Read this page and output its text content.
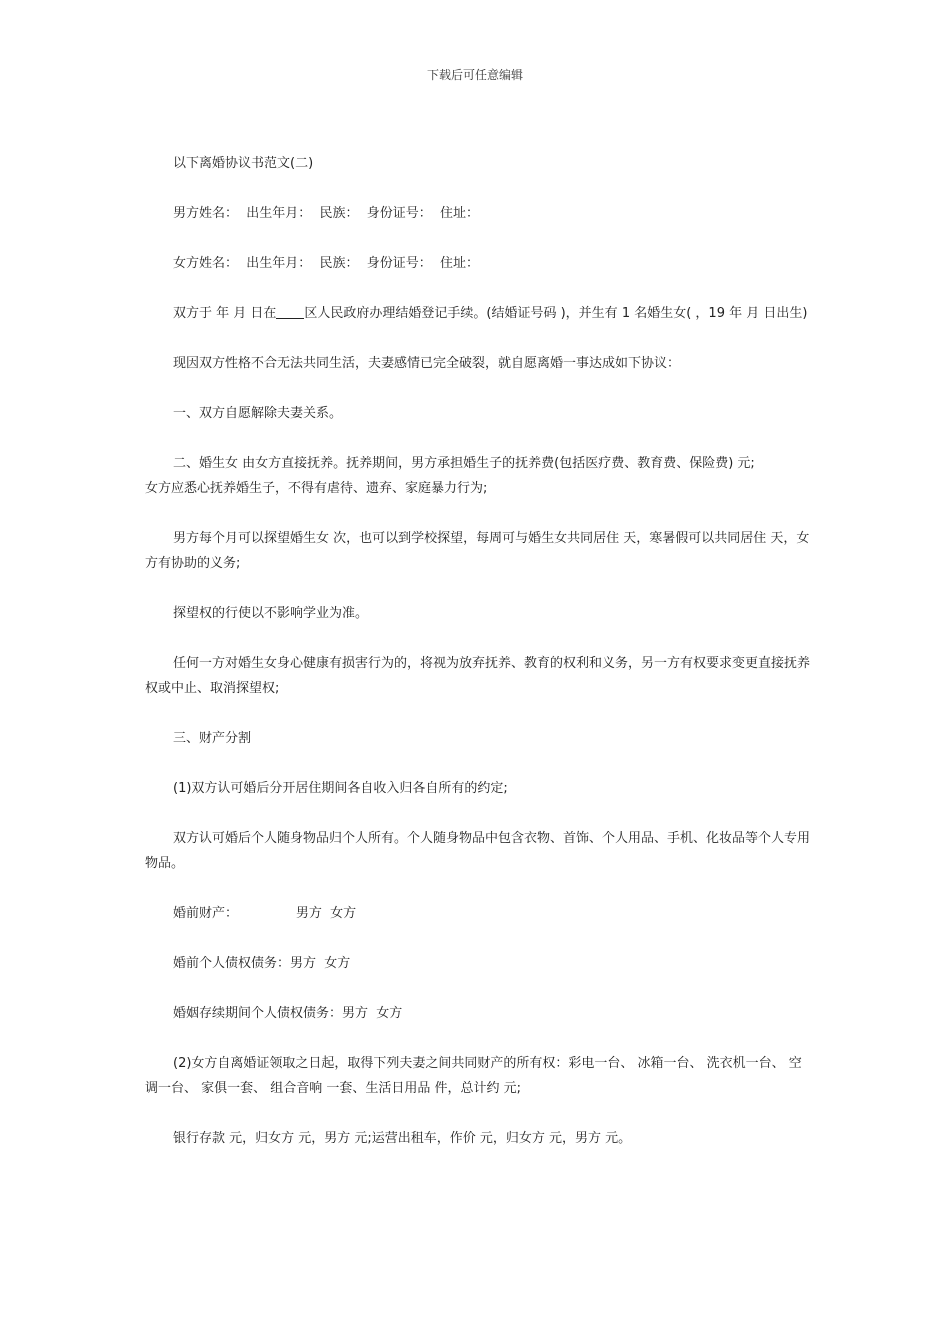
下载后可任意编辑

以下离婚协议书范文(二)

男方姓名：  出生年月：  民族：  身份证号：  住址：

女方姓名：  出生年月：  民族：  身份证号：  住址：

双方于 年 月 日在 区人民政府办理结婚登记手续。(结婚证号码 )，并生有 1 名婚生女( ，19 年 月 日出生)

现因双方性格不合无法共同生活，夫妻感情已完全破裂，就自愿离婚一事达成如下协议：

一、双方自愿解除夫妻关系。

二、婚生女 由女方直接抚养。抚养期间，男方承担婚生子的抚养费(包括医疗费、教育费、保险费) 元;

女方应悉心抚养婚生子，不得有虐待、遗弃、家庭暴力行为;

男方每个月可以探望婚生女 次，也可以到学校探望，每周可与婚生女共同居住 天，寒暑假可以共同居住 天，女方有协助的义务;

探望权的行使以不影响学业为准。

任何一方对婚生女身心健康有损害行为的，将视为放弃抚养、教育的权利和义务，另一方有权要求变更直接抚养权或中止、取消探望权;

三、财产分割

(1)双方认可婚后分开居住期间各自收入归各自所有的约定;

双方认可婚后个人随身物品归个人所有。个人随身物品中包含衣物、首饰、个人用品、手机、化妆品等个人专用物品。

婚前财产：              男方  女方

婚前个人债权债务：男方  女方

婚姻存续期间个人债权债务：男方  女方

(2)女方自离婚证领取之日起，取得下列夫妻之间共同财产的所有权：彩电一台、 冰箱一台、 洗衣机一台、 空调一台、 家俱一套、 组合音响 一套、生活日用品 件，总计约 元;

银行存款 元，归女方 元，男方 元;运营出租车，作价 元，归女方 元，男方 元。
